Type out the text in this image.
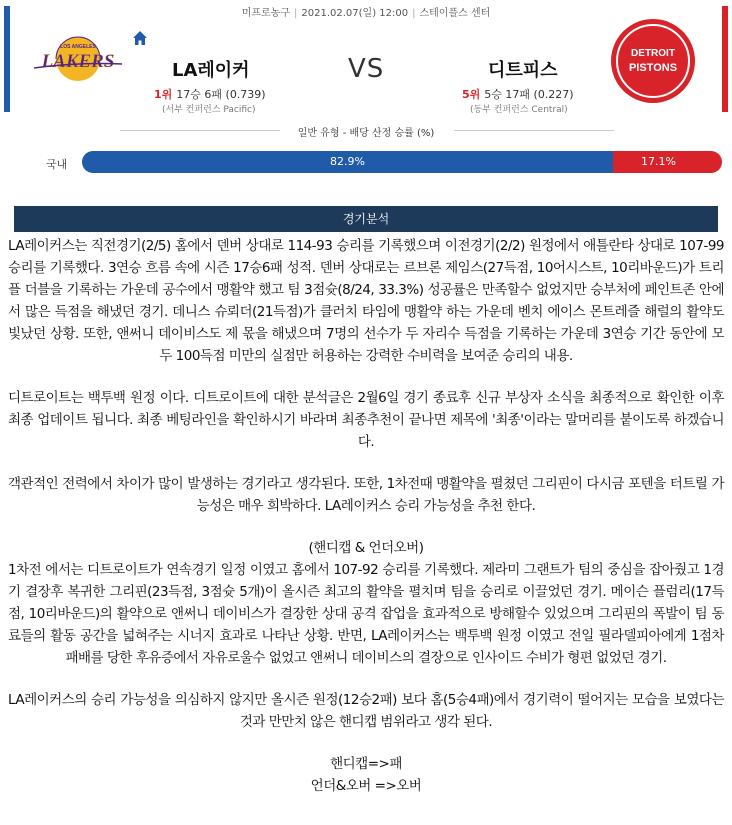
미프로농구 | 2021.02.07(일) 12:00 | 스테이플스 센터
LOS ANGELES
LAKERS	LA레이커	VS	디트피스
1위 17승 6패 (0.739)
(서부 컨퍼런스 Pacific)
5위 5승 17패 (0.227)
(동부 컨퍼런스 Central)
DETROIT
PISTONS
일반 유형 - 배당 산정 승률 (%)
국내	82.9%	17.1%
경기분석

LA레이커스는 직전경기(2/5) 홈에서 덴버 상대로 114-93 승리를 기록했으며 이전경기(2/2) 원정에서 애틀란타 상대로 107-99 승리를 기록했다. 3연승 흐름 속에 시즌 17승6패 성적. 덴버 상대로는 르브론 제임스(27득점, 10어시스트, 10리바운드)가 트리플 더블을 기록하는 가운데 공수에서 맹활약 했고 팀 3점슛(8/24, 33.3%) 성공률은 만족할수 없었지만 승부처에 페인트존 안에서 많은 득점을 해냈던 경기. 데니스 슈뢰더(21득점)가 클러치 타임에 맹활약 하는 가운데 벤치 에이스 몬트레즐 해럴의 활약도 빛났던 상황. 또한, 앤써니 데이비스도 제 몫을 해냈으며 7명의 선수가 두 자리수 득점을 기록하는 가운데 3연승 기간 동안에 모두 100득점 미만의 실점만 허용하는 강력한 수비력을 보여준 승리의 내용.

디트로이트는 백투백 원정 이다. 디트로이트에 대한 분석글은 2월6일 경기 종료후 신규 부상자 소식을 최종적으로 확인한 이후 최종 업데이트 됩니다. 최종 베팅라인을 확인하시기 바라며 최종추천이 끝나면 제목에 '최종'이라는 말머리를 붙이도록 하겠습니다.

객관적인 전력에서 차이가 많이 발생하는 경기라고 생각된다. 또한, 1차전때 맹활약을 펼쳤던 그리핀이 다시금 포텐을 터트릴 가능성은 매우 희박하다. LA레이커스 승리 가능성을 추천 한다.

(핸디캡 & 언더오버)

1차전 에서는 디트로이트가 연속경기 일정 이였고 홈에서 107-92 승리를 기록했다. 제라미 그랜트가 팀의 중심을 잡아줬고 1경기 결장후 복귀한 그리핀(23득점, 3점슛 5개)이 올시즌 최고의 활약을 펼치며 팀을 승리로 이끌었던 경기. 메이슨 플럼리(17득점, 10리바운드)의 활약으로 앤써니 데이비스가 결장한 상대 공격 잡업을 효과적으로 방해할수 있었으며 그리핀의 폭발이 팀 동료들의 활동 공간을 넓혀주는 시너지 효과로 나타난 상황. 반면, LA레이커스는 백투백 원정 이였고 전일 필라델피아에게 1점차 패배를 당한 후유증에서 자유로울수 없었고 앤써니 데이비스의 결장으로 인사이드 수비가 형편 없었던 경기.

LA레이커스의 승리 가능성을 의심하지 않지만 올시즌 원정(12승2패) 보다 홈(5승4패)에서 경기력이 떨어지는 모습을 보였다는 것과 만만치 않은 핸디캡 범위라고 생각 된다.

핸디캡=>패

언더&오버 =>오버
